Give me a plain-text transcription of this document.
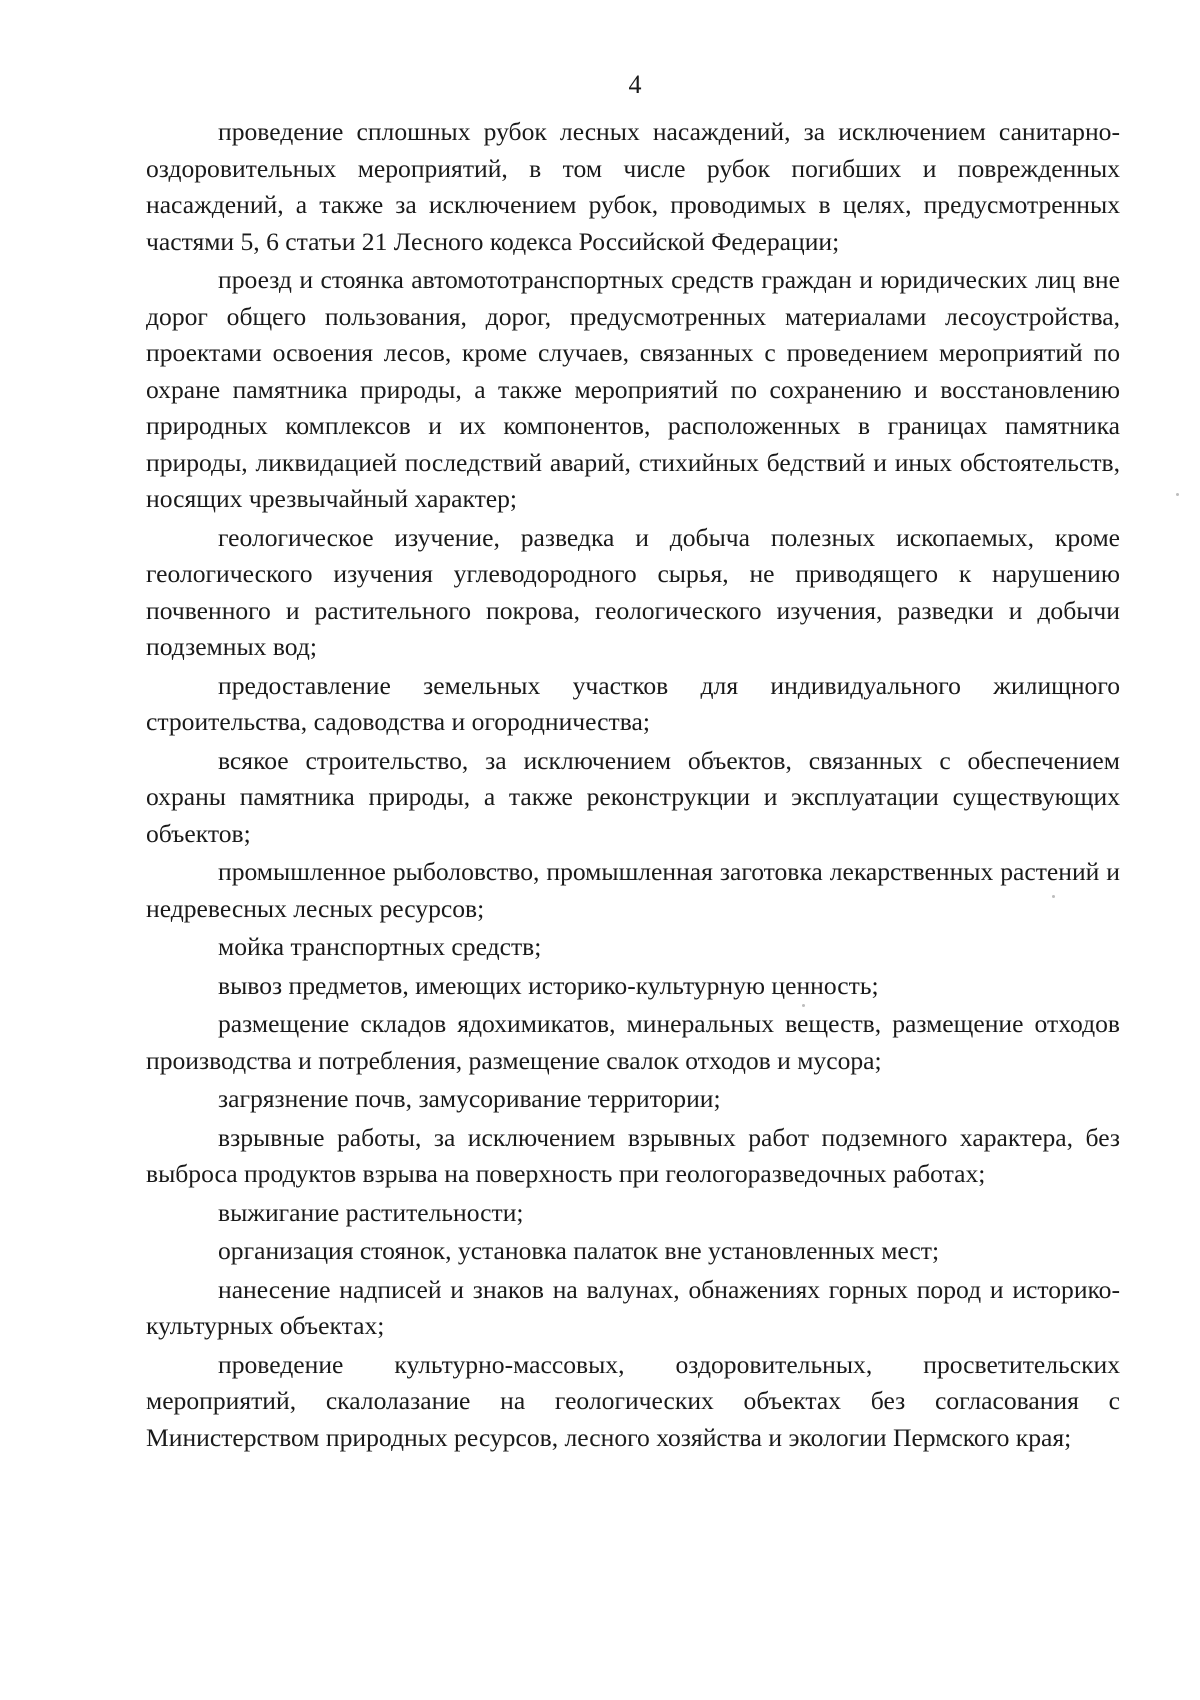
4

проведение сплошных рубок лесных насаждений, за исключением санитарно-оздоровительных мероприятий, в том числе рубок погибших и поврежденных насаждений, а также за исключением рубок, проводимых в целях, предусмотренных частями 5, 6 статьи 21 Лесного кодекса Российской Федерации;

проезд и стоянка автомототранспортных средств граждан и юридических лиц вне дорог общего пользования, дорог, предусмотренных материалами лесоустройства, проектами освоения лесов, кроме случаев, связанных с проведением мероприятий по охране памятника природы, а также мероприятий по сохранению и восстановлению природных комплексов и их компонентов, расположенных в границах памятника природы, ликвидацией последствий аварий, стихийных бедствий и иных обстоятельств, носящих чрезвычайный характер;

геологическое изучение, разведка и добыча полезных ископаемых, кроме геологического изучения углеводородного сырья, не приводящего к нарушению почвенного и растительного покрова, геологического изучения, разведки и добычи подземных вод;

предоставление земельных участков для индивидуального жилищного строительства, садоводства и огородничества;

всякое строительство, за исключением объектов, связанных с обеспечением охраны памятника природы, а также реконструкции и эксплуатации существующих объектов;

промышленное рыболовство, промышленная заготовка лекарственных растений и недревесных лесных ресурсов;

мойка транспортных средств;

вывоз предметов, имеющих историко-культурную ценность;

размещение складов ядохимикатов, минеральных веществ, размещение отходов производства и потребления, размещение свалок отходов и мусора;

загрязнение почв, замусоривание территории;

взрывные работы, за исключением взрывных работ подземного характера, без выброса продуктов взрыва на поверхность при геологоразведочных работах;

выжигание растительности;

организация стоянок, установка палаток вне установленных мест;

нанесение надписей и знаков на валунах, обнажениях горных пород и историко-культурных объектах;

проведение культурно-массовых, оздоровительных, просветительских мероприятий, скалолазание на геологических объектах без согласования с Министерством природных ресурсов, лесного хозяйства и экологии Пермского края;
